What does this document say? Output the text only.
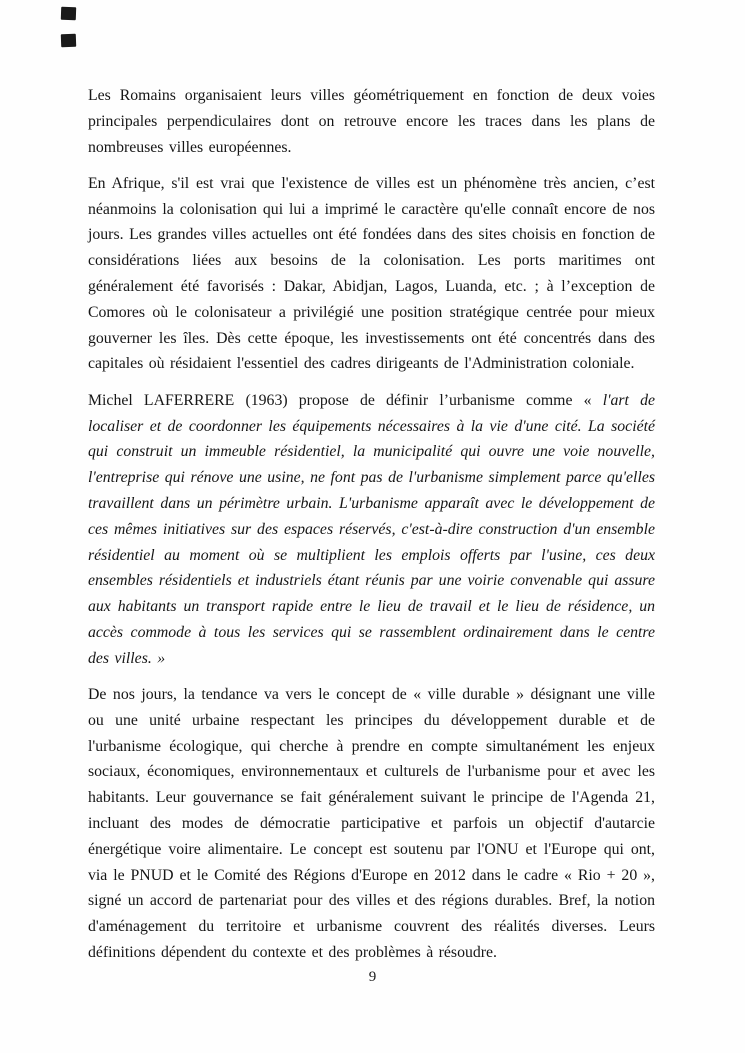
Les Romains organisaient leurs villes géométriquement en fonction de deux voies principales perpendiculaires dont on retrouve encore les traces dans les plans de nombreuses villes européennes.

En Afrique, s'il est vrai que l'existence de villes est un phénomène très ancien, c’est néanmoins la colonisation qui lui a imprimé le caractère qu'elle connaît encore de nos jours. Les grandes villes actuelles ont été fondées dans des sites choisis en fonction de considérations liées aux besoins de la colonisation. Les ports maritimes ont généralement été favorisés : Dakar, Abidjan, Lagos, Luanda, etc. ; à l’exception de Comores où le colonisateur a privilégié une position stratégique centrée pour mieux gouverner les îles. Dès cette époque, les investissements ont été concentrés dans des capitales où résidaient l'essentiel des cadres dirigeants de l'Administration coloniale.

Michel LAFERRERE (1963) propose de définir l’urbanisme comme « l'art de localiser et de coordonner les équipements nécessaires à la vie d'une cité. La société qui construit un immeuble résidentiel, la municipalité qui ouvre une voie nouvelle, l'entreprise qui rénove une usine, ne font pas de l'urbanisme simplement parce qu'elles travaillent dans un périmètre urbain. L'urbanisme apparaît avec le développement de ces mêmes initiatives sur des espaces réservés, c'est-à-dire construction d'un ensemble résidentiel au moment où se multiplient les emplois offerts par l'usine, ces deux ensembles résidentiels et industriels étant réunis par une voirie convenable qui assure aux habitants un transport rapide entre le lieu de travail et le lieu de résidence, un accès commode à tous les services qui se rassemblent ordinairement dans le centre des villes. »

De nos jours, la tendance va vers le concept de « ville durable » désignant une ville ou une unité urbaine respectant les principes du développement durable et de l'urbanisme écologique, qui cherche à prendre en compte simultanément les enjeux sociaux, économiques, environnementaux et culturels de l'urbanisme pour et avec les habitants. Leur gouvernance se fait généralement suivant le principe de l'Agenda 21, incluant des modes de démocratie participative et parfois un objectif d'autarcie énergétique voire alimentaire. Le concept est soutenu par l'ONU et l'Europe qui ont, via le PNUD et le Comité des Régions d'Europe en 2012 dans le cadre « Rio + 20 », signé un accord de partenariat pour des villes et des régions durables. Bref, la notion d'aménagement du territoire et urbanisme couvrent des réalités diverses. Leurs définitions dépendent du contexte et des problèmes à résoudre.

9
